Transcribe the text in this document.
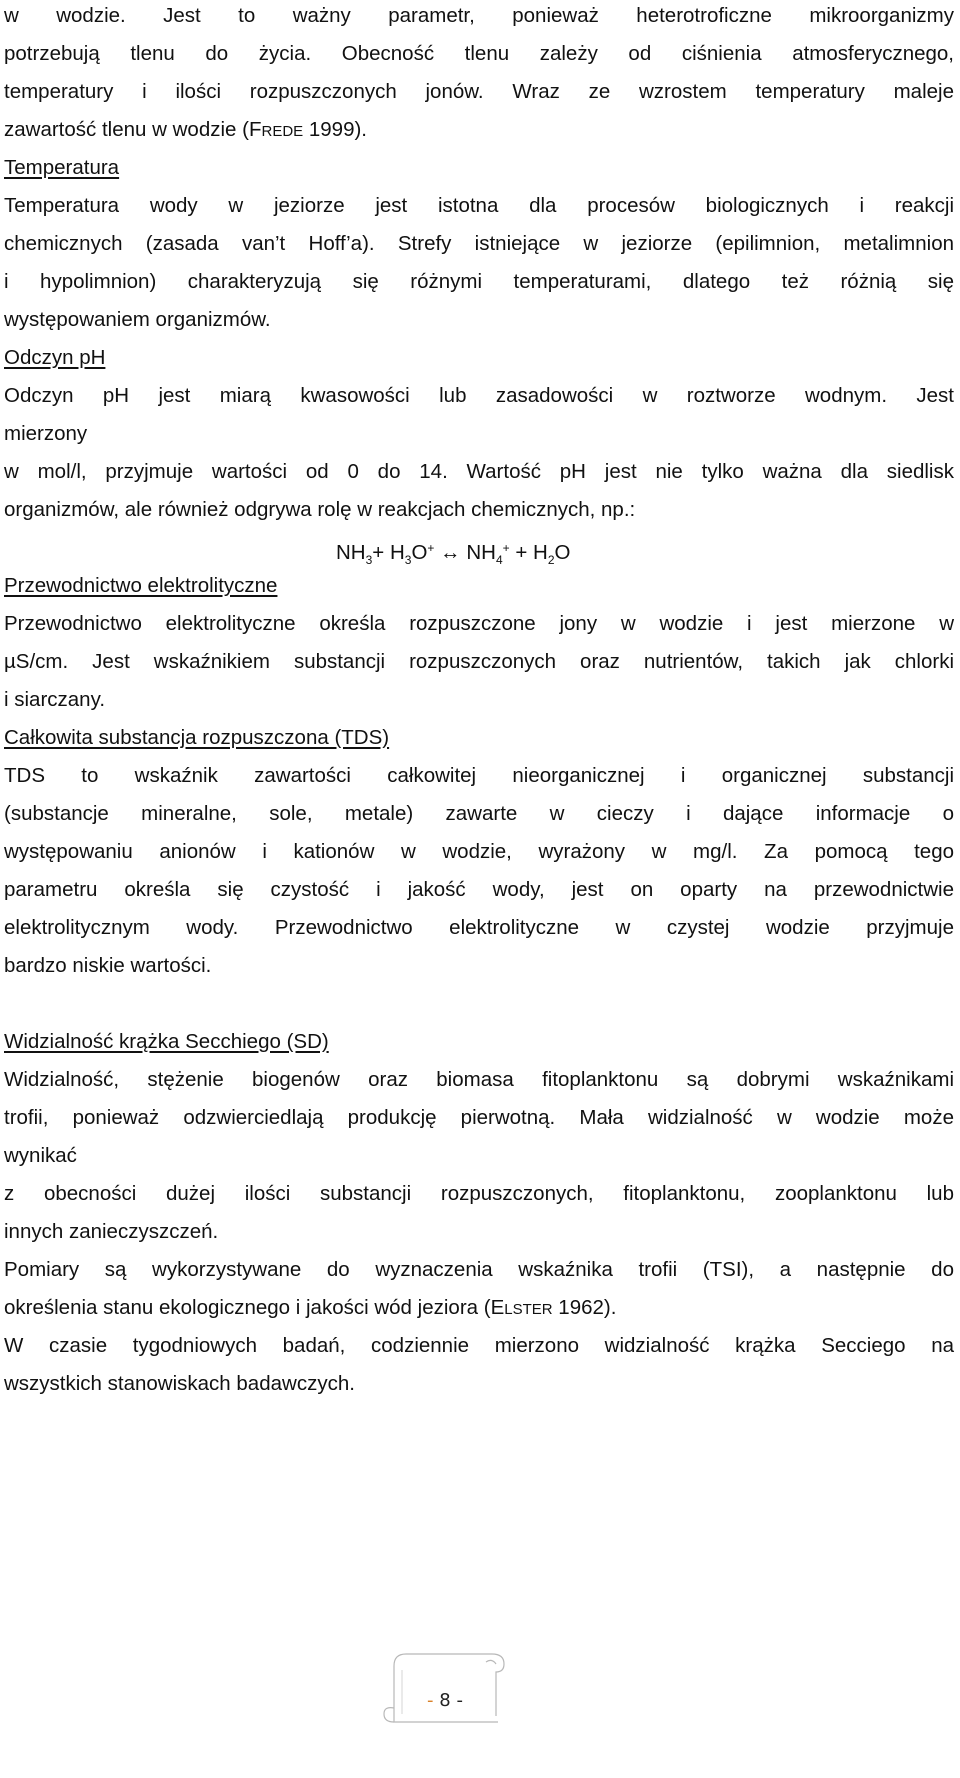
w wodzie. Jest to ważny parametr, ponieważ heterotroficzne mikroorganizmy
potrzebują tlenu do życia. Obecność tlenu zależy od ciśnienia atmosferycznego,
temperatury i ilości rozpuszczonych jonów. Wraz ze wzrostem temperatury maleje
zawartość tlenu w wodzie (FREDE 1999).
Temperatura
Temperatura wody w jeziorze jest istotna dla procesów biologicznych i reakcji
chemicznych (zasada van’t Hoff’a). Strefy istniejące w jeziorze (epilimnion, metalimnion
i hypolimnion) charakteryzują się różnymi temperaturami, dlatego też różnią się
występowaniem organizmów.
Odczyn pH
Odczyn pH jest miarą kwasowości lub zasadowości w roztworze wodnym. Jest
mierzony
w mol/l, przyjmuje wartości od 0 do 14. Wartość pH jest nie tylko ważna dla siedlisk
organizmów, ale również odgrywa rolę w reakcjach chemicznych, np.:
$NH_3+ H_3O^+$ ↔ $NH_4^+ + H_2O$
Przewodnictwo elektrolityczne
Przewodnictwo elektrolityczne określa rozpuszczone jony w wodzie i jest mierzone w
µS/cm. Jest wskaźnikiem substancji rozpuszczonych oraz nutrientów, takich jak chlorki
i siarczany.
Całkowita substancja rozpuszczona (TDS)
TDS to wskaźnik zawartości całkowitej nieorganicznej i organicznej substancji
(substancje mineralne, sole, metale) zawarte w cieczy i dające informacje o
występowaniu anionów i kationów w wodzie, wyrażony w mg/l. Za pomocą tego
parametru określa się czystość i jakość wody, jest on oparty na przewodnictwie
elektrolitycznym wody. Przewodnictwo elektrolityczne w czystej wodzie przyjmuje
bardzo niskie wartości.
Widzialność krążka Secchiego (SD)
Widzialność, stężenie biogenów oraz biomasa fitoplanktonu są dobrymi wskaźnikami
trofii, ponieważ odzwierciedlają produkcję pierwotną. Mała widzialność w wodzie może
wynikać
z obecności dużej ilości substancji rozpuszczonych, fitoplanktonu, zooplanktonu lub
innych zanieczyszczeń.
Pomiary są wykorzystywane do wyznaczenia wskaźnika trofii (TSI), a następnie do
określenia stanu ekologicznego i jakości wód jeziora (ELSTER 1962).
W czasie tygodniowych badań, codziennie mierzono widzialność krążka Secciego na
wszystkich stanowiskach badawczych.
- 8 -
